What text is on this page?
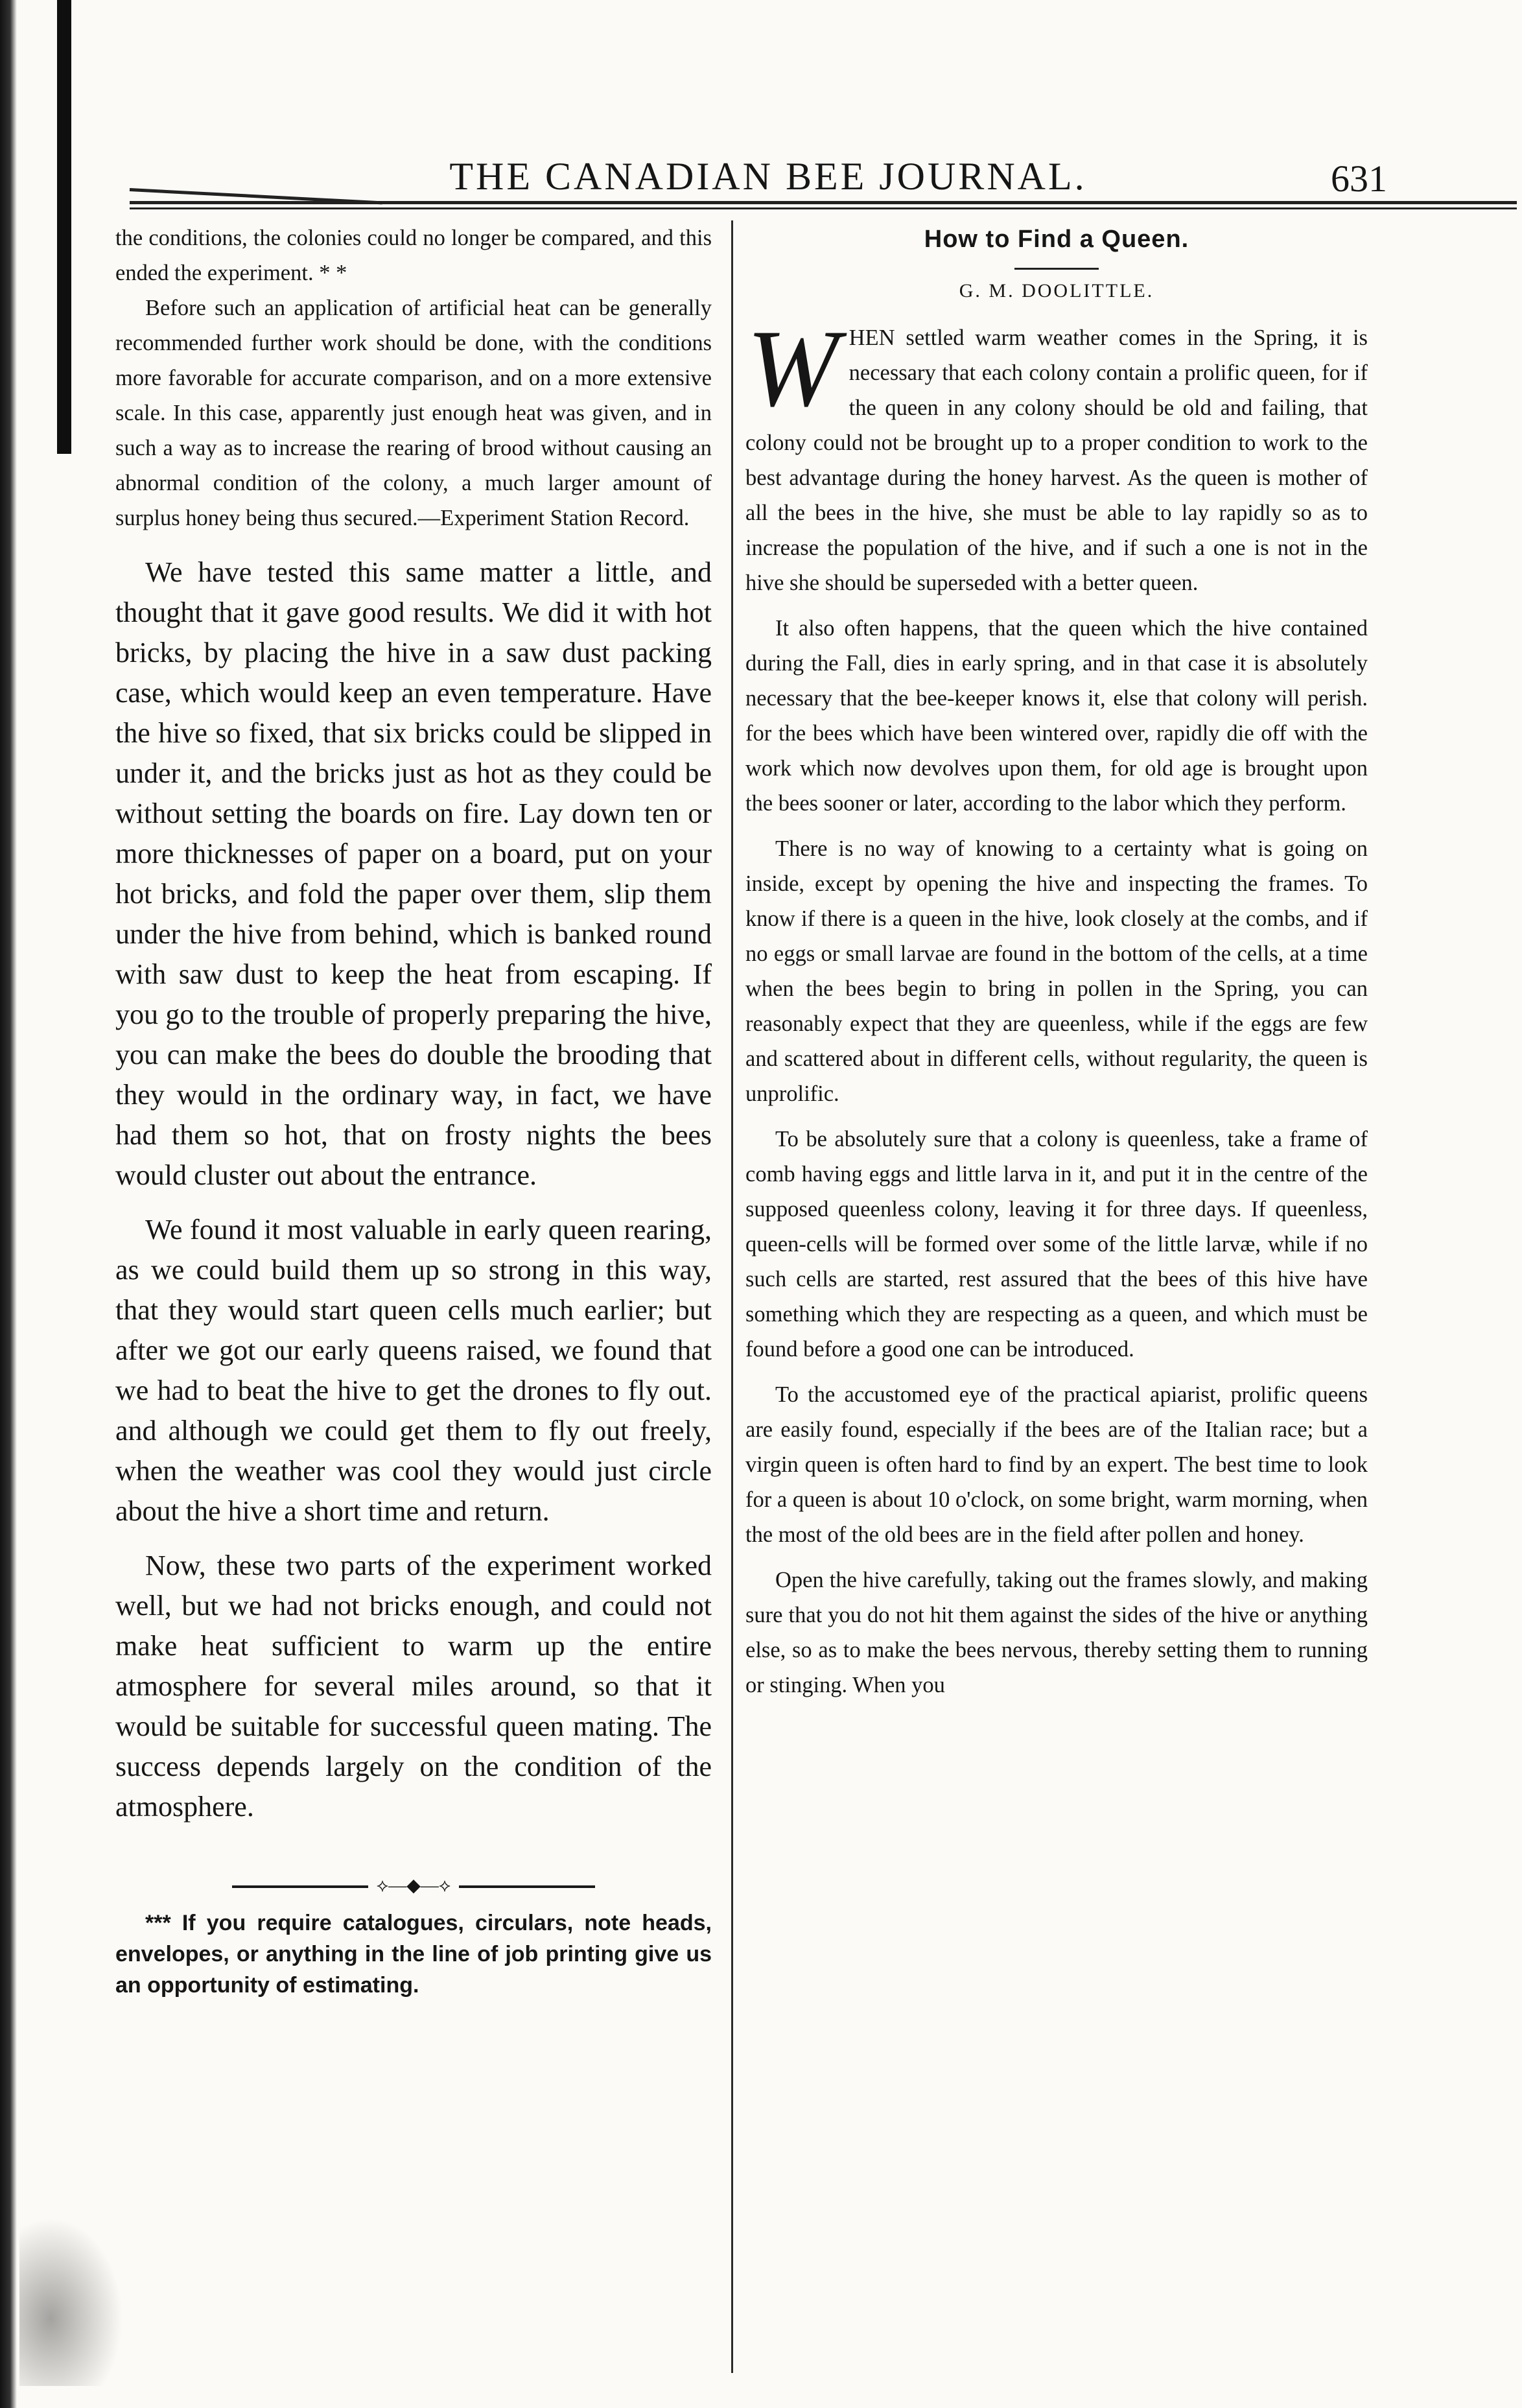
THE CANADIAN BEE JOURNAL.	631

the conditions, the colonies could no longer be compared, and this ended the experiment. * *

Before such an application of artificial heat can be generally recommended further work should be done, with the conditions more favorable for accurate comparison, and on a more extensive scale. In this case, apparently just enough heat was given, and in such a way as to increase the rearing of brood without causing an abnormal condition of the colony, a much larger amount of surplus honey being thus secured.—Experiment Station Record.

We have tested this same matter a little, and thought that it gave good results. We did it with hot bricks, by placing the hive in a saw dust packing case, which would keep an even temperature. Have the hive so fixed, that six bricks could be slipped in under it, and the bricks just as hot as they could be without setting the boards on fire. Lay down ten or more thicknesses of paper on a board, put on your hot bricks, and fold the paper over them, slip them under the hive from behind, which is banked round with saw dust to keep the heat from escaping. If you go to the trouble of properly preparing the hive, you can make the bees do double the brooding that they would in the ordinary way, in fact, we have had them so hot, that on frosty nights the bees would cluster out about the entrance.

We found it most valuable in early queen rearing, as we could build them up so strong in this way, that they would start queen cells much earlier; but after we got our early queens raised, we found that we had to beat the hive to get the drones to fly out. and although we could get them to fly out freely, when the weather was cool they would just circle about the hive a short time and return.

Now, these two parts of the experiment worked well, but we had not bricks enough, and could not make heat sufficient to warm up the entire atmosphere for several miles around, so that it would be suitable for successful queen mating. The success depends largely on the condition of the atmosphere.

⟡—◆—⟡

*** If you require catalogues, circulars, note heads, envelopes, or anything in the line of job printing give us an opportunity of estimating.

How to Find a Queen.

G. M. DOOLITTLE.

WHEN settled warm weather comes in the Spring, it is necessary that each colony contain a prolific queen, for if the queen in any colony should be old and failing, that colony could not be brought up to a proper condition to work to the best advantage during the honey harvest. As the queen is mother of all the bees in the hive, she must be able to lay rapidly so as to increase the population of the hive, and if such a one is not in the hive she should be superseded with a better queen.

It also often happens, that the queen which the hive contained during the Fall, dies in early spring, and in that case it is absolutely necessary that the bee-keeper knows it, else that colony will perish. for the bees which have been wintered over, rapidly die off with the work which now devolves upon them, for old age is brought upon the bees sooner or later, according to the labor which they perform.

There is no way of knowing to a certainty what is going on inside, except by opening the hive and inspecting the frames. To know if there is a queen in the hive, look closely at the combs, and if no eggs or small larvae are found in the bottom of the cells, at a time when the bees begin to bring in pollen in the Spring, you can reasonably expect that they are queenless, while if the eggs are few and scattered about in different cells, without regularity, the queen is unprolific.

To be absolutely sure that a colony is queenless, take a frame of comb having eggs and little larva in it, and put it in the centre of the supposed queenless colony, leaving it for three days. If queenless, queen-cells will be formed over some of the little larvæ, while if no such cells are started, rest assured that the bees of this hive have something which they are respecting as a queen, and which must be found before a good one can be introduced.

To the accustomed eye of the practical apiarist, prolific queens are easily found, especially if the bees are of the Italian race; but a virgin queen is often hard to find by an expert. The best time to look for a queen is about 10 o'clock, on some bright, warm morning, when the most of the old bees are in the field after pollen and honey.

Open the hive carefully, taking out the frames slowly, and making sure that you do not hit them against the sides of the hive or anything else, so as to make the bees nervous, thereby setting them to running or stinging. When you
